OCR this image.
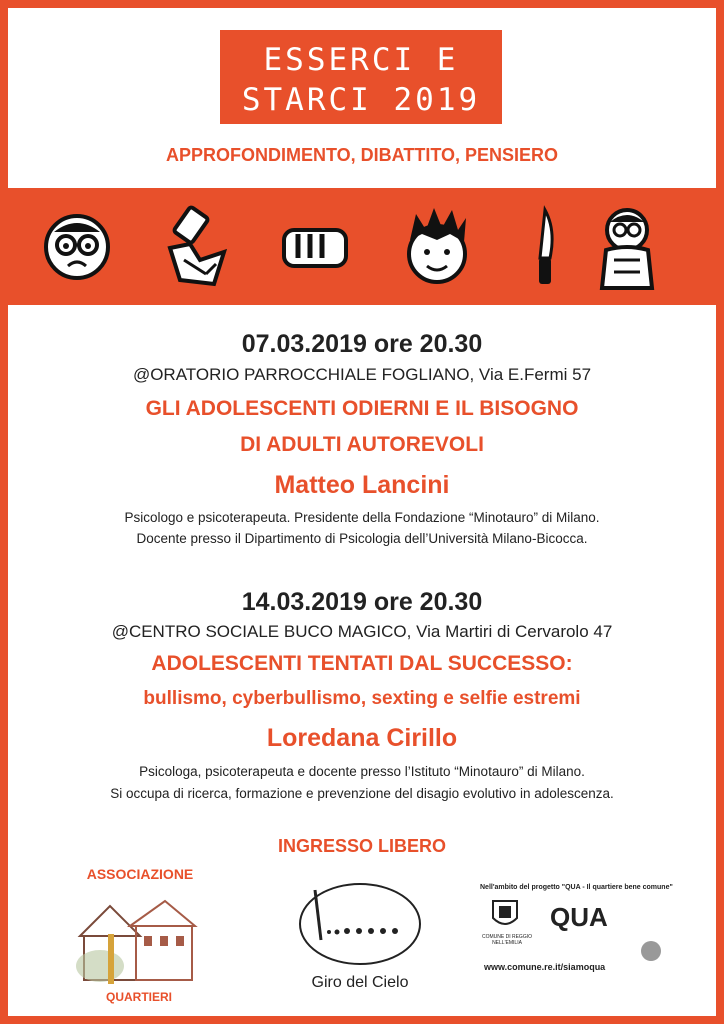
ESSERCI E
STARCI 2019
APPROFONDIMENTO, DIBATTITO, PENSIERO
07.03.2019 ore 20.30
@ORATORIO PARROCCHIALE FOGLIANO, Via E.Fermi 57
GLI ADOLESCENTI ODIERNI E IL BISOGNO
DI ADULTI AUTOREVOLI
Matteo Lancini
Psicologo e psicoterapeuta. Presidente della Fondazione “Minotauro” di Milano.
Docente presso il Dipartimento di Psicologia dell’Università Milano-Bicocca.
14.03.2019 ore 20.30
@CENTRO SOCIALE BUCO MAGICO, Via Martiri di Cervarolo 47
ADOLESCENTI TENTATI DAL SUCCESSO:
bullismo, cyberbullismo, sexting e selfie estremi
Loredana Cirillo
Psicologa, psicoterapeuta e docente presso l’Istituto “Minotauro” di Milano.
Si occupa di ricerca, formazione e prevenzione del disagio evolutivo in adolescenza.
INGRESSO LIBERO
ASSOCIAZIONE
QUARTIERI
Giro del Cielo
Nell'ambito del progetto "QUA - Il quartiere bene comune"
COMUNE DI REGGIO NELL'EMILIA
QUA
www.comune.re.it/siamoqua
